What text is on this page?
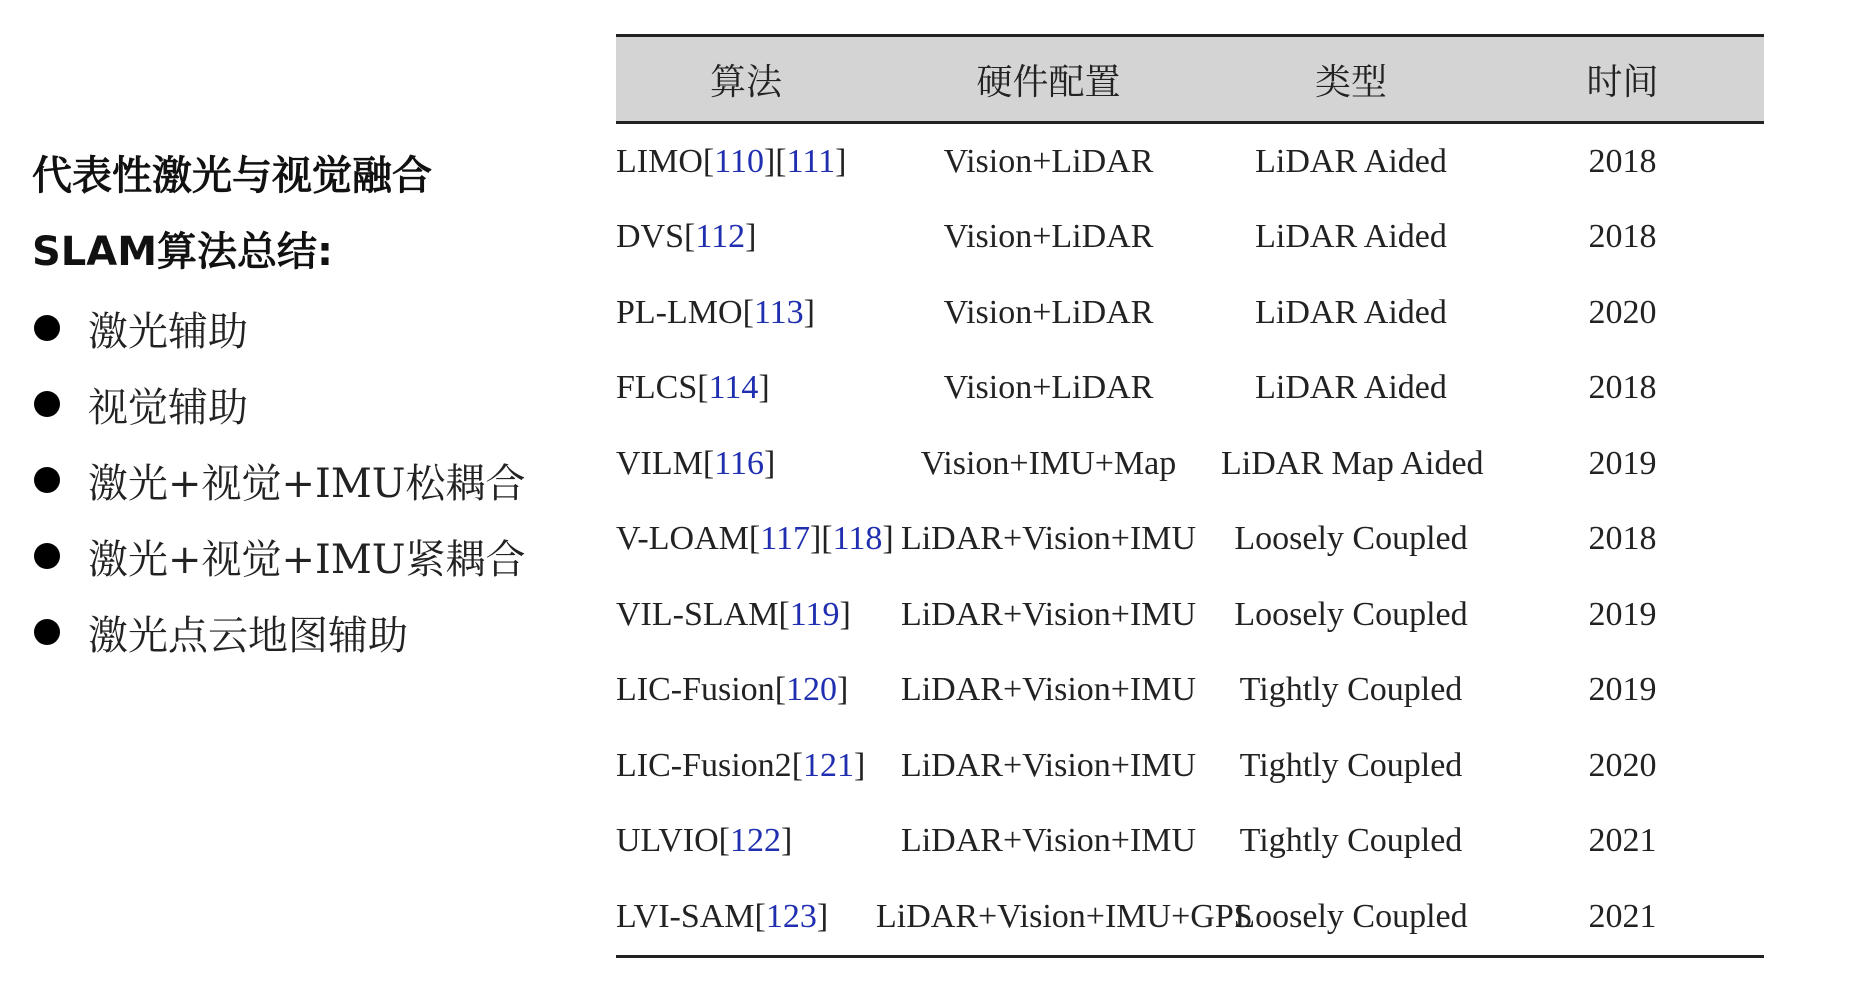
代表性激光与视觉融合
SLAM算法总结:
激光辅助
视觉辅助
激光+视觉+IMU松耦合
激光+视觉+IMU紧耦合
激光点云地图辅助
算法	硬件配置	类型	时间
LIMO[110][111]	Vision+LiDAR	LiDAR Aided	2018
DVS[112]	Vision+LiDAR	LiDAR Aided	2018
PL-LMO[113]	Vision+LiDAR	LiDAR Aided	2020
FLCS[114]	Vision+LiDAR	LiDAR Aided	2018
VILM[116]	Vision+IMU+Map	LiDAR Map Aided	2019
V-LOAM[117][118]	LiDAR+Vision+IMU	Loosely Coupled	2018
VIL-SLAM[119]	LiDAR+Vision+IMU	Loosely Coupled	2019
LIC-Fusion[120]	LiDAR+Vision+IMU	Tightly Coupled	2019
LIC-Fusion2[121]	LiDAR+Vision+IMU	Tightly Coupled	2020
ULVIO[122]	LiDAR+Vision+IMU	Tightly Coupled	2021
LVI-SAM[123]	LiDAR+Vision+IMU+GPS	Loosely Coupled	2021
